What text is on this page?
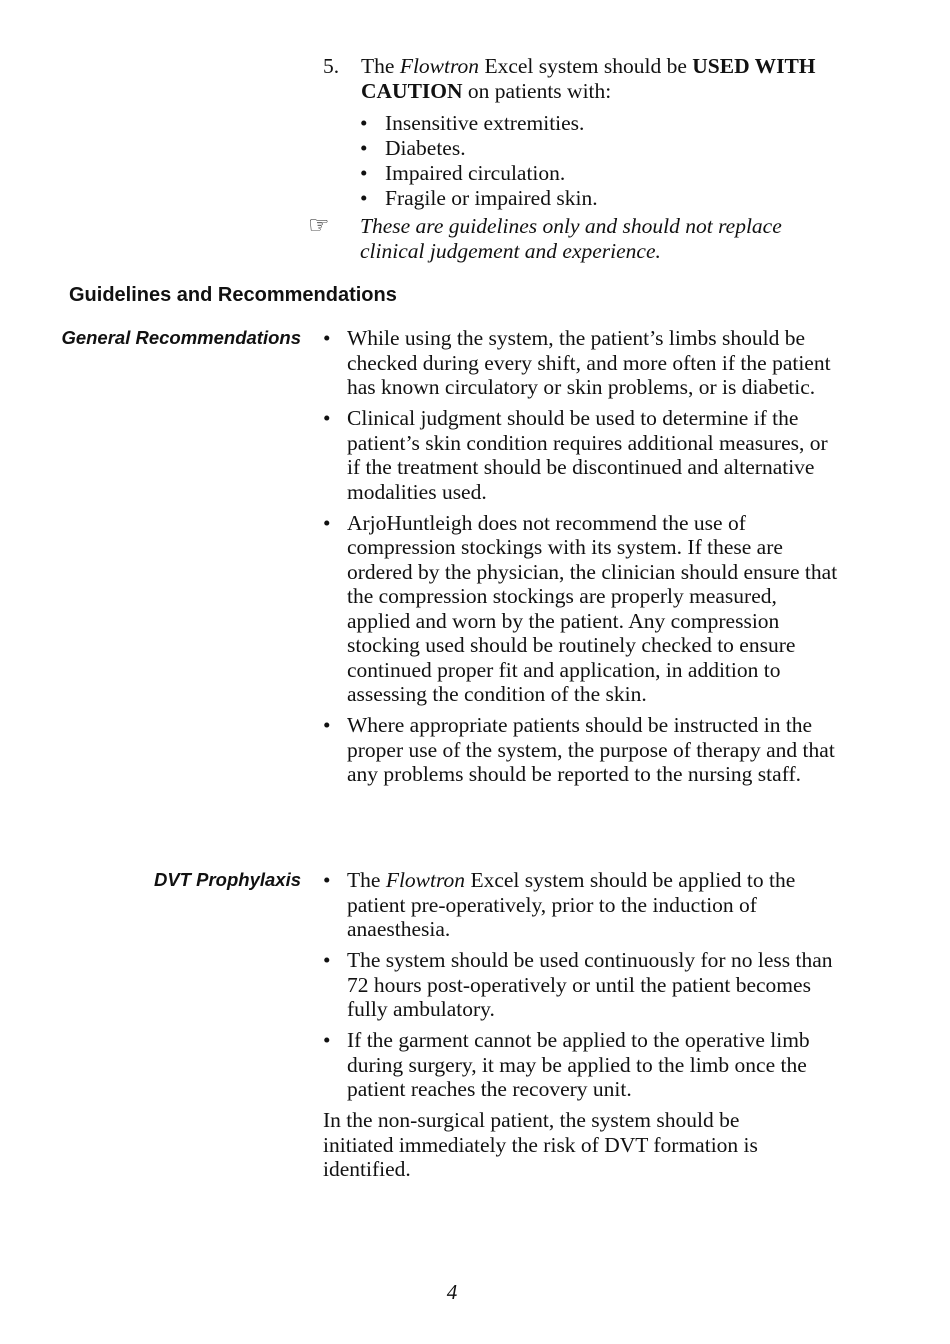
5. The Flowtron Excel system should be USED WITH CAUTION on patients with:
• Insensitive extremities.
• Diabetes.
• Impaired circulation.
• Fragile or impaired skin.
☞ These are guidelines only and should not replace clinical judgement and experience.
Guidelines and Recommendations
General Recommendations • While using the system, the patient’s limbs should be checked during every shift, and more often if the patient has known circulatory or skin problems, or is diabetic.
• Clinical judgment should be used to determine if the patient’s skin condition requires additional measures, or if the treatment should be discontinued and alternative modalities used.
• ArjoHuntleigh does not recommend the use of compression stockings with its system. If these are ordered by the physician, the clinician should ensure that the compression stockings are properly measured, applied and worn by the patient. Any compression stocking used should be routinely checked to ensure continued proper fit and application, in addition to assessing the condition of the skin.
• Where appropriate patients should be instructed in the proper use of the system, the purpose of therapy and that any problems should be reported to the nursing staff.
DVT Prophylaxis • The Flowtron Excel system should be applied to the patient pre-operatively, prior to the induction of anaesthesia.
• The system should be used continuously for no less than 72 hours post-operatively or until the patient becomes fully ambulatory.
• If the garment cannot be applied to the operative limb during surgery, it may be applied to the limb once the patient reaches the recovery unit.
In the non-surgical patient, the system should be initiated immediately the risk of DVT formation is identified.
4
